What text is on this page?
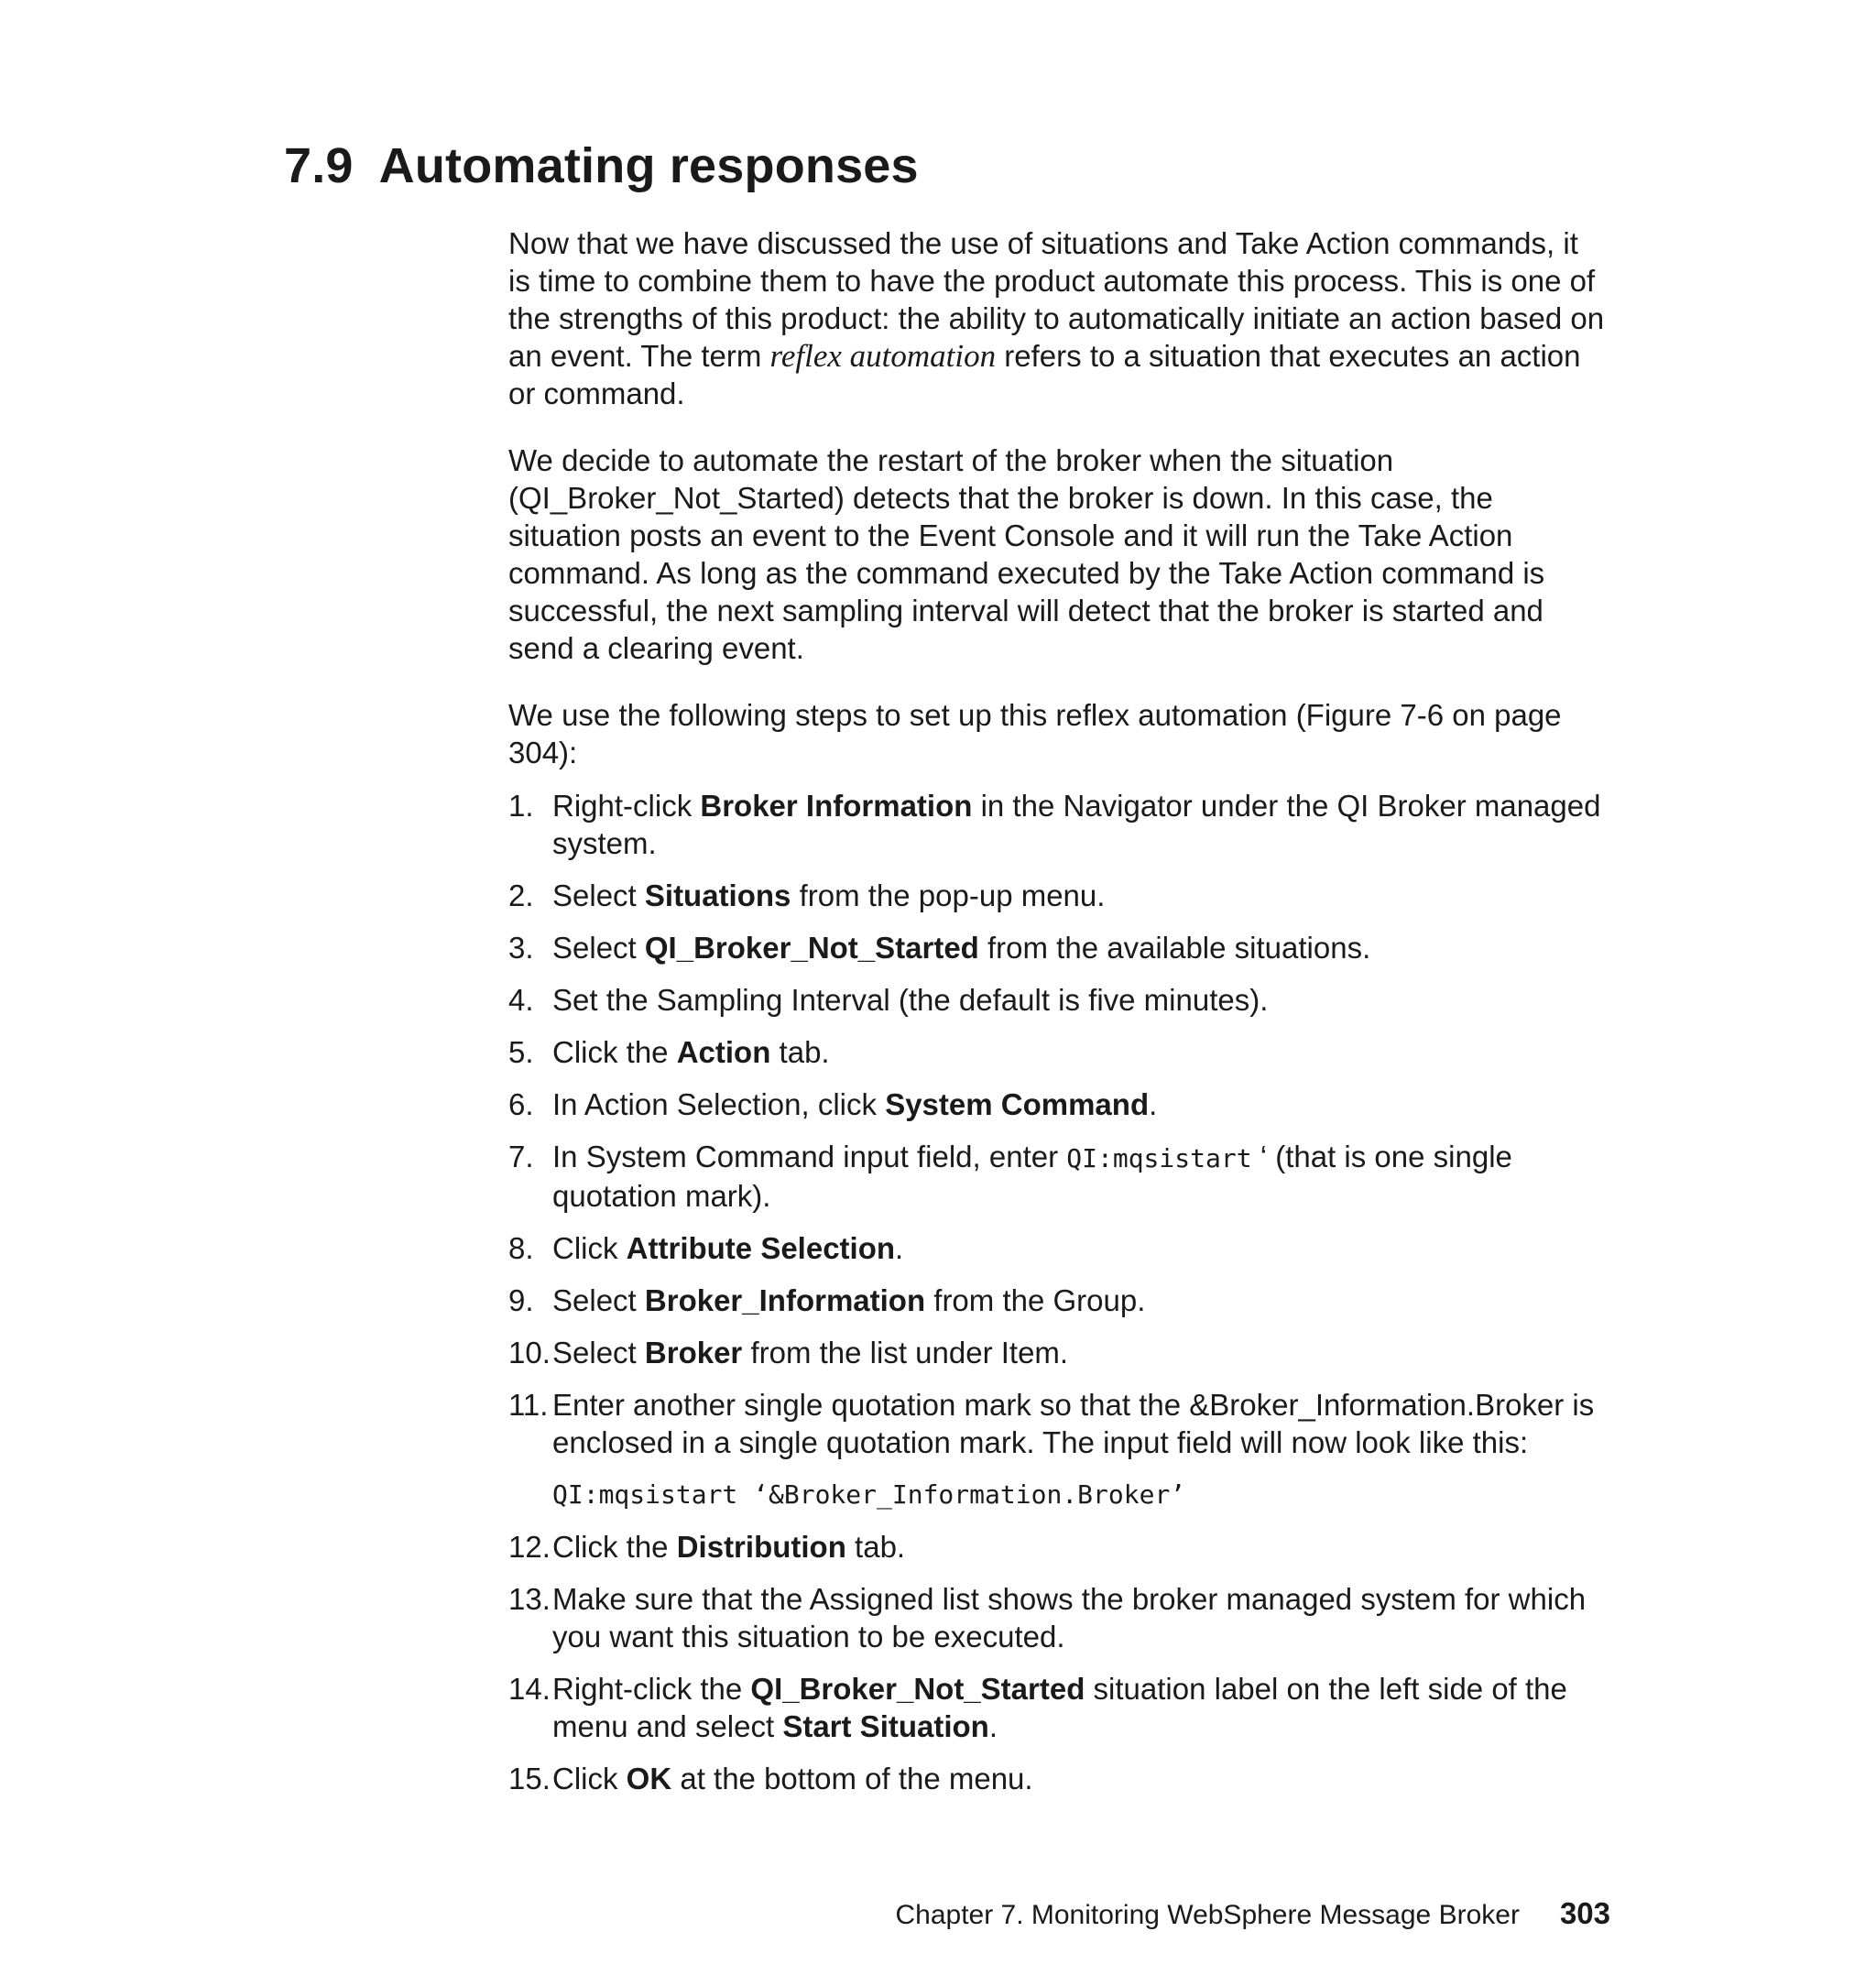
7.9 Automating responses

Now that we have discussed the use of situations and Take Action commands, it is time to combine them to have the product automate this process. This is one of the strengths of this product: the ability to automatically initiate an action based on an event. The term reflex automation refers to a situation that executes an action or command.

We decide to automate the restart of the broker when the situation (QI_Broker_Not_Started) detects that the broker is down. In this case, the situation posts an event to the Event Console and it will run the Take Action command. As long as the command executed by the Take Action command is successful, the next sampling interval will detect that the broker is started and send a clearing event.

We use the following steps to set up this reflex automation (Figure 7-6 on page 304):

1. Right-click Broker Information in the Navigator under the QI Broker managed system.
2. Select Situations from the pop-up menu.
3. Select QI_Broker_Not_Started from the available situations.
4. Set the Sampling Interval (the default is five minutes).
5. Click the Action tab.
6. In Action Selection, click System Command.
7. In System Command input field, enter QI:mqsistart ‘ (that is one single quotation mark).
8. Click Attribute Selection.
9. Select Broker_Information from the Group.
10. Select Broker from the list under Item.
11. Enter another single quotation mark so that the &Broker_Information.Broker is enclosed in a single quotation mark. The input field will now look like this:
QI:mqsistart ‘&Broker_Information.Broker’
12. Click the Distribution tab.
13. Make sure that the Assigned list shows the broker managed system for which you want this situation to be executed.
14. Right-click the QI_Broker_Not_Started situation label on the left side of the menu and select Start Situation.
15. Click OK at the bottom of the menu.
Chapter 7. Monitoring WebSphere Message Broker 303
